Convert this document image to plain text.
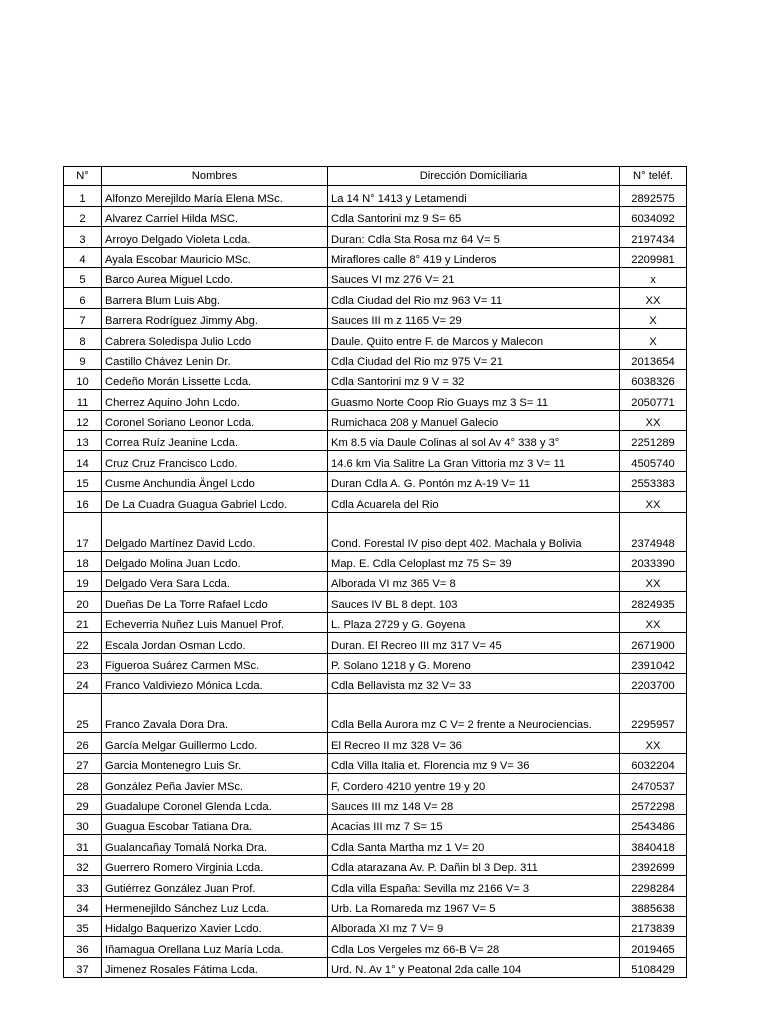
N°	Nombres	Dirección Domiciliaria	N° teléf.
1	Alfonzo Merejildo María Elena MSc.	La 14 N° 1413 y Letamendi	2892575
2	Alvarez Carriel Hilda MSC.	Cdla Santorini mz 9 S= 65	6034092
3	Arroyo Delgado Violeta Lcda.	Duran: Cdla Sta Rosa mz 64 V= 5	2197434
4	Ayala Escobar Mauricio MSc.	Miraflores calle 8° 419 y Linderos	2209981
5	Barco Aurea Miguel Lcdo.	Sauces VI mz 276 V= 21	x
6	Barrera Blum Luis Abg.	Cdla Ciudad del Rio mz 963 V= 11	XX
7	Barrera Rodríguez Jimmy Abg.	Sauces III m z 1165 V= 29	X
8	Cabrera Soledispa Julio Lcdo	Daule. Quito entre F. de Marcos y Malecon	X
9	Castillo Chávez Lenin Dr.	Cdla Ciudad del Rio mz 975 V= 21	2013654
10	Cedeño Morán Lissette Lcda.	Cdla Santorini mz 9 V = 32	6038326
11	Cherrez Aquino John Lcdo.	Guasmo Norte Coop Rio Guays mz 3 S= 11	2050771
12	Coronel Soriano Leonor Lcda.	Rumichaca 208 y Manuel Galecio	XX
13	Correa Ruíz Jeanine Lcda.	Km 8.5 via Daule Colinas al sol Av 4° 338 y 3°	2251289
14	Cruz Cruz Francisco Lcdo.	14.6 km Via Salitre La Gran Vittoria mz 3 V= 11	4505740
15	Cusme Anchundia Ängel Lcdo	Duran Cdla A. G. Pontón mz A-19 V= 11	2553383
16	De La Cuadra Guagua Gabriel Lcdo.	Cdla Acuarela del Rio	XX
17	Delgado Martínez David Lcdo.	Cond. Forestal IV piso dept 402. Machala y Bolivia	2374948
18	Delgado Molina Juan Lcdo.	Map. E. Cdla Celoplast mz 75 S= 39	2033390
19	Delgado Vera Sara Lcda.	Alborada VI mz 365 V= 8	XX
20	Dueñas De La Torre Rafael Lcdo	Sauces IV BL 8 dept. 103	2824935
21	Echeverria Nuñez Luis Manuel Prof.	L. Plaza 2729 y G. Goyena	XX
22	Escala Jordan Osman Lcdo.	Duran. El Recreo III mz 317 V= 45	2671900
23	Figueroa Suárez Carmen MSc.	P. Solano 1218 y G. Moreno	2391042
24	Franco Valdiviezo Mónica Lcda.	Cdla Bellavista mz 32 V= 33	2203700
25	Franco Zavala Dora Dra.	Cdla Bella Aurora mz C V= 2 frente a Neurociencias.	2295957
26	García Melgar Guillermo Lcdo.	El Recreo II mz 328 V= 36	XX
27	Garcia Montenegro Luis Sr.	Cdla Villa Italia et. Florencia mz 9 V= 36	6032204
28	González Peña Javier MSc.	F, Cordero 4210 yentre 19 y 20	2470537
29	Guadalupe Coronel Glenda Lcda.	Sauces III mz 148 V= 28	2572298
30	Guagua Escobar Tatiana Dra.	Acacias III mz 7 S= 15	2543486
31	Gualancañay Tomalá Norka Dra.	Cdla Santa Martha mz 1 V= 20	3840418
32	Guerrero Romero Virginia Lcda.	Cdla atarazana Av. P. Dañin bl 3 Dep. 311	2392699
33	Gutiérrez González Juan Prof.	Cdla villa España: Sevilla mz 2166 V= 3	2298284
34	Hermenejildo Sánchez Luz Lcda.	Urb. La Romareda mz 1967 V= 5	3885638
35	Hidalgo Baquerizo Xavier Lcdo.	Alborada XI mz 7 V= 9	2173839
36	Iñamagua Orellana Luz María Lcda.	Cdla Los Vergeles mz 66-B V= 28	2019465
37	Jimenez Rosales Fátima Lcda.	Urd. N. Av 1° y Peatonal 2da calle 104	5108429
